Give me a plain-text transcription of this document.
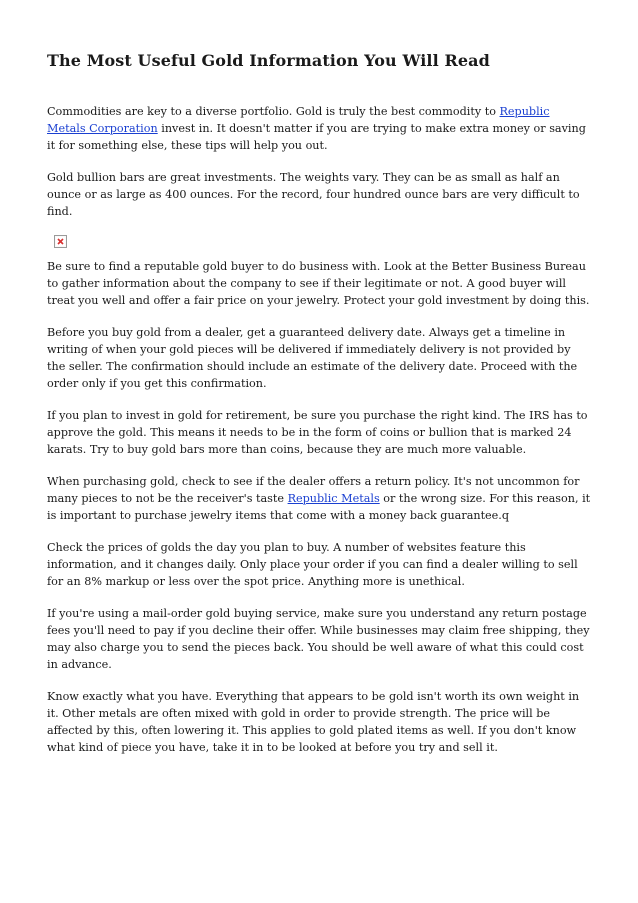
The Most Useful Gold Information You Will Read

Commodities are key to a diverse portfolio. Gold is truly the best commodity to Republic Metals Corporation invest in. It doesn't matter if you are trying to make extra money or saving it for something else, these tips will help you out.

Gold bullion bars are great investments. The weights vary. They can be as small as half an ounce or as large as 400 ounces. For the record, four hundred ounce bars are very difficult to find.

Be sure to find a reputable gold buyer to do business with. Look at the Better Business Bureau to gather information about the company to see if their legitimate or not. A good buyer will treat you well and offer a fair price on your jewelry. Protect your gold investment by doing this.

Before you buy gold from a dealer, get a guaranteed delivery date. Always get a timeline in writing of when your gold pieces will be delivered if immediately delivery is not provided by the seller. The confirmation should include an estimate of the delivery date. Proceed with the order only if you get this confirmation.

If you plan to invest in gold for retirement, be sure you purchase the right kind. The IRS has to approve the gold. This means it needs to be in the form of coins or bullion that is marked 24 karats. Try to buy gold bars more than coins, because they are much more valuable.

When purchasing gold, check to see if the dealer offers a return policy. It's not uncommon for many pieces to not be the receiver's taste Republic Metals or the wrong size. For this reason, it is important to purchase jewelry items that come with a money back guarantee.q

Check the prices of golds the day you plan to buy. A number of websites feature this information, and it changes daily. Only place your order if you can find a dealer willing to sell for an 8% markup or less over the spot price. Anything more is unethical.

If you're using a mail-order gold buying service, make sure you understand any return postage fees you'll need to pay if you decline their offer. While businesses may claim free shipping, they may also charge you to send the pieces back. You should be well aware of what this could cost in advance.

Know exactly what you have. Everything that appears to be gold isn't worth its own weight in it. Other metals are often mixed with gold in order to provide strength. The price will be affected by this, often lowering it. This applies to gold plated items as well. If you don't know what kind of piece you have, take it in to be looked at before you try and sell it.
